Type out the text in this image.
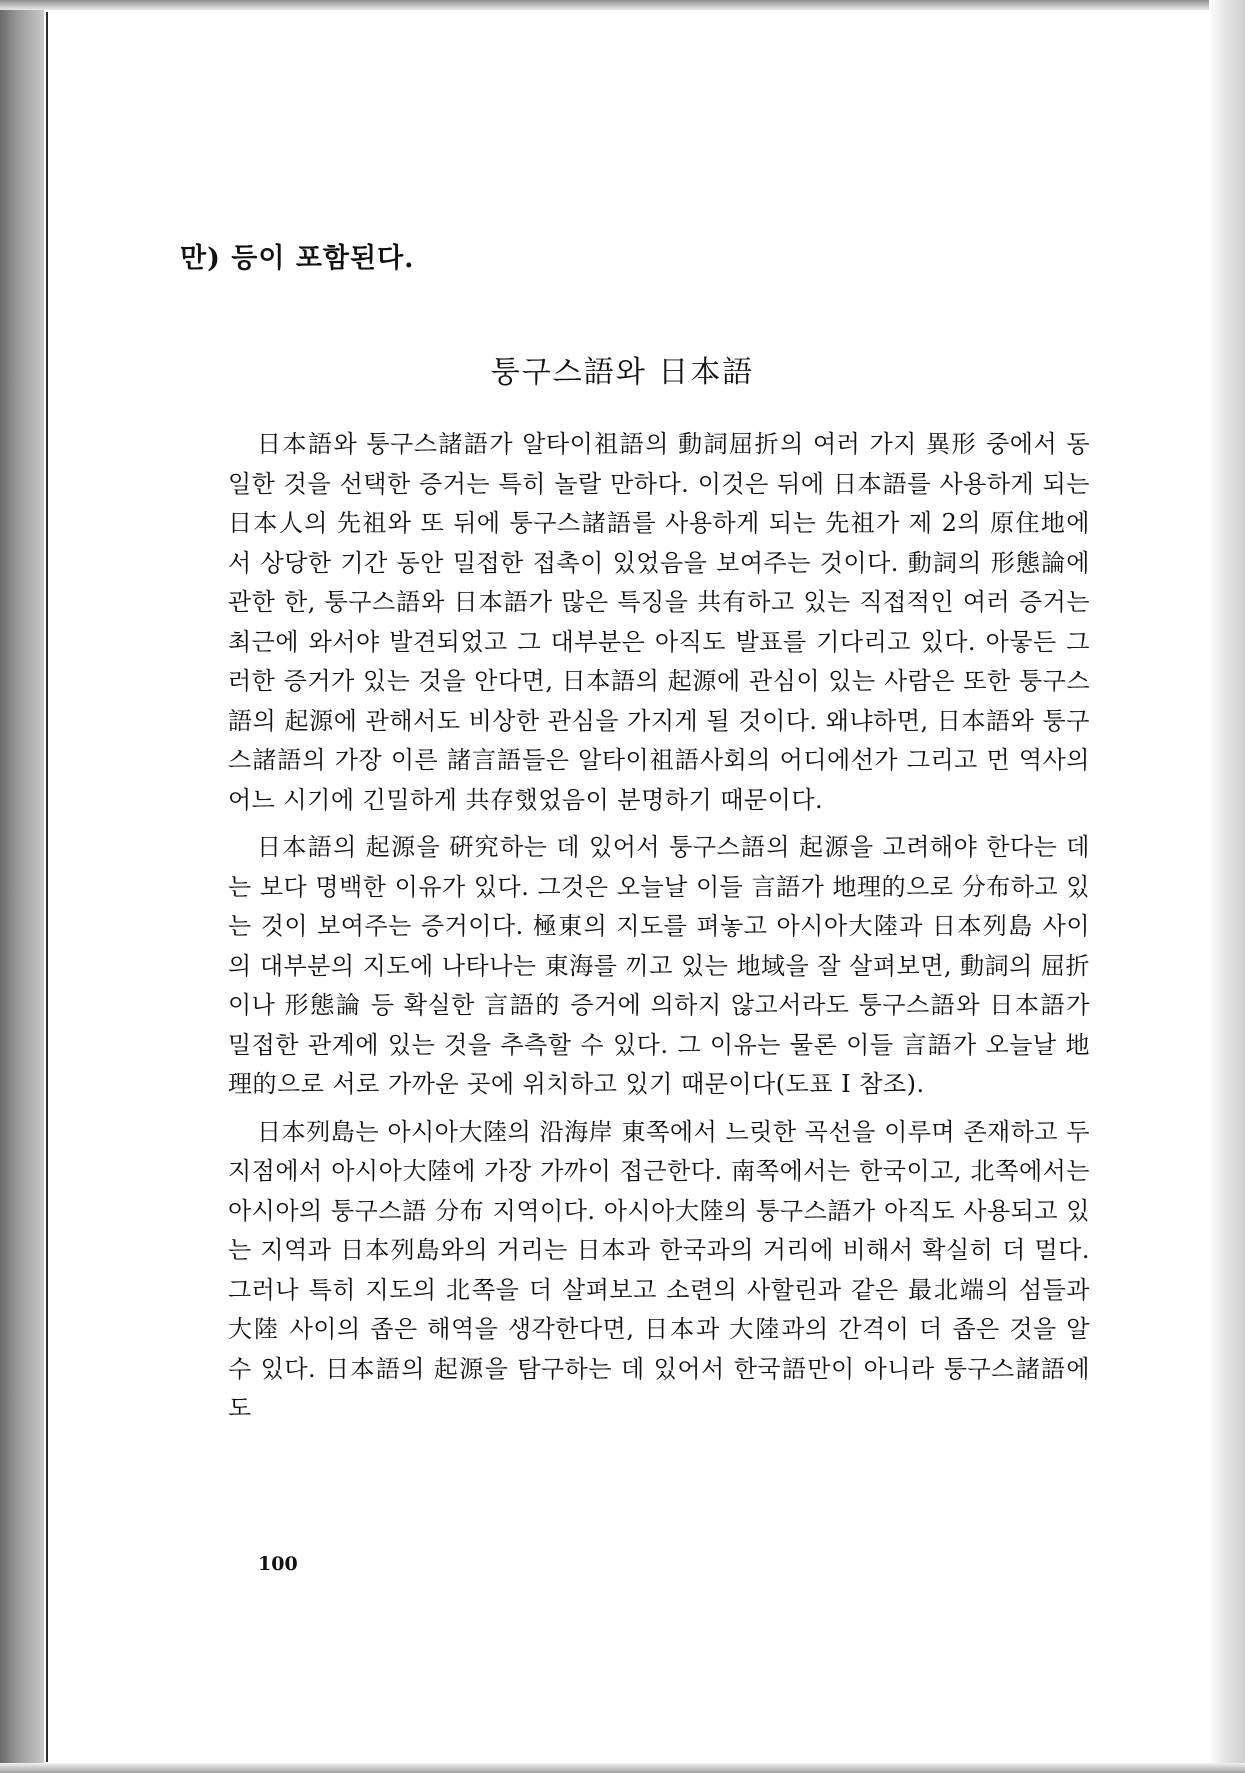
만) 등이 포함된다.

퉁구스語와 日本語

日本語와 퉁구스諸語가 알타이祖語의 動詞屈折의 여러 가지 異形 중에서 동일한 것을 선택한 증거는 특히 놀랄 만하다. 이것은 뒤에 日本語를 사용하게 되는 日本人의 先祖와 또 뒤에 퉁구스諸語를 사용하게 되는 先祖가 제 2의 原住地에서 상당한 기간 동안 밀접한 접촉이 있었음을 보여주는 것이다. 動詞의 形態論에 관한 한, 퉁구스語와 日本語가 많은 특징을 共有하고 있는 직접적인 여러 증거는 최근에 와서야 발견되었고 그 대부분은 아직도 발표를 기다리고 있다. 아뭏든 그러한 증거가 있는 것을 안다면, 日本語의 起源에 관심이 있는 사람은 또한 퉁구스語의 起源에 관해서도 비상한 관심을 가지게 될 것이다. 왜냐하면, 日本語와 퉁구스諸語의 가장 이른 諸言語들은 알타이祖語사회의 어디에선가 그리고 먼 역사의 어느 시기에 긴밀하게 共存했었음이 분명하기 때문이다.

日本語의 起源을 硏究하는 데 있어서 퉁구스語의 起源을 고려해야 한다는 데는 보다 명백한 이유가 있다. 그것은 오늘날 이들 言語가 地理的으로 分布하고 있는 것이 보여주는 증거이다. 極東의 지도를 펴놓고 아시아大陸과 日本列島 사이의 대부분의 지도에 나타나는 東海를 끼고 있는 地域을 잘 살펴보면, 動詞의 屈折이나 形態論 등 확실한 言語的 증거에 의하지 않고서라도 퉁구스語와 日本語가 밀접한 관계에 있는 것을 추측할 수 있다. 그 이유는 물론 이들 言語가 오늘날 地理的으로 서로 가까운 곳에 위치하고 있기 때문이다(도표 I 참조).

日本列島는 아시아大陸의 沿海岸 東쪽에서 느릿한 곡선을 이루며 존재하고 두 지점에서 아시아大陸에 가장 가까이 접근한다. 南쪽에서는 한국이고, 北쪽에서는 아시아의 퉁구스語 分布 지역이다. 아시아大陸의 퉁구스語가 아직도 사용되고 있는 지역과 日本列島와의 거리는 日本과 한국과의 거리에 비해서 확실히 더 멀다. 그러나 특히 지도의 北쪽을 더 살펴보고 소련의 사할린과 같은 最北端의 섬들과 大陸 사이의 좁은 해역을 생각한다면, 日本과 大陸과의 간격이 더 좁은 것을 알 수 있다. 日本語의 起源을 탐구하는 데 있어서 한국語만이 아니라 퉁구스諸語에도

100
